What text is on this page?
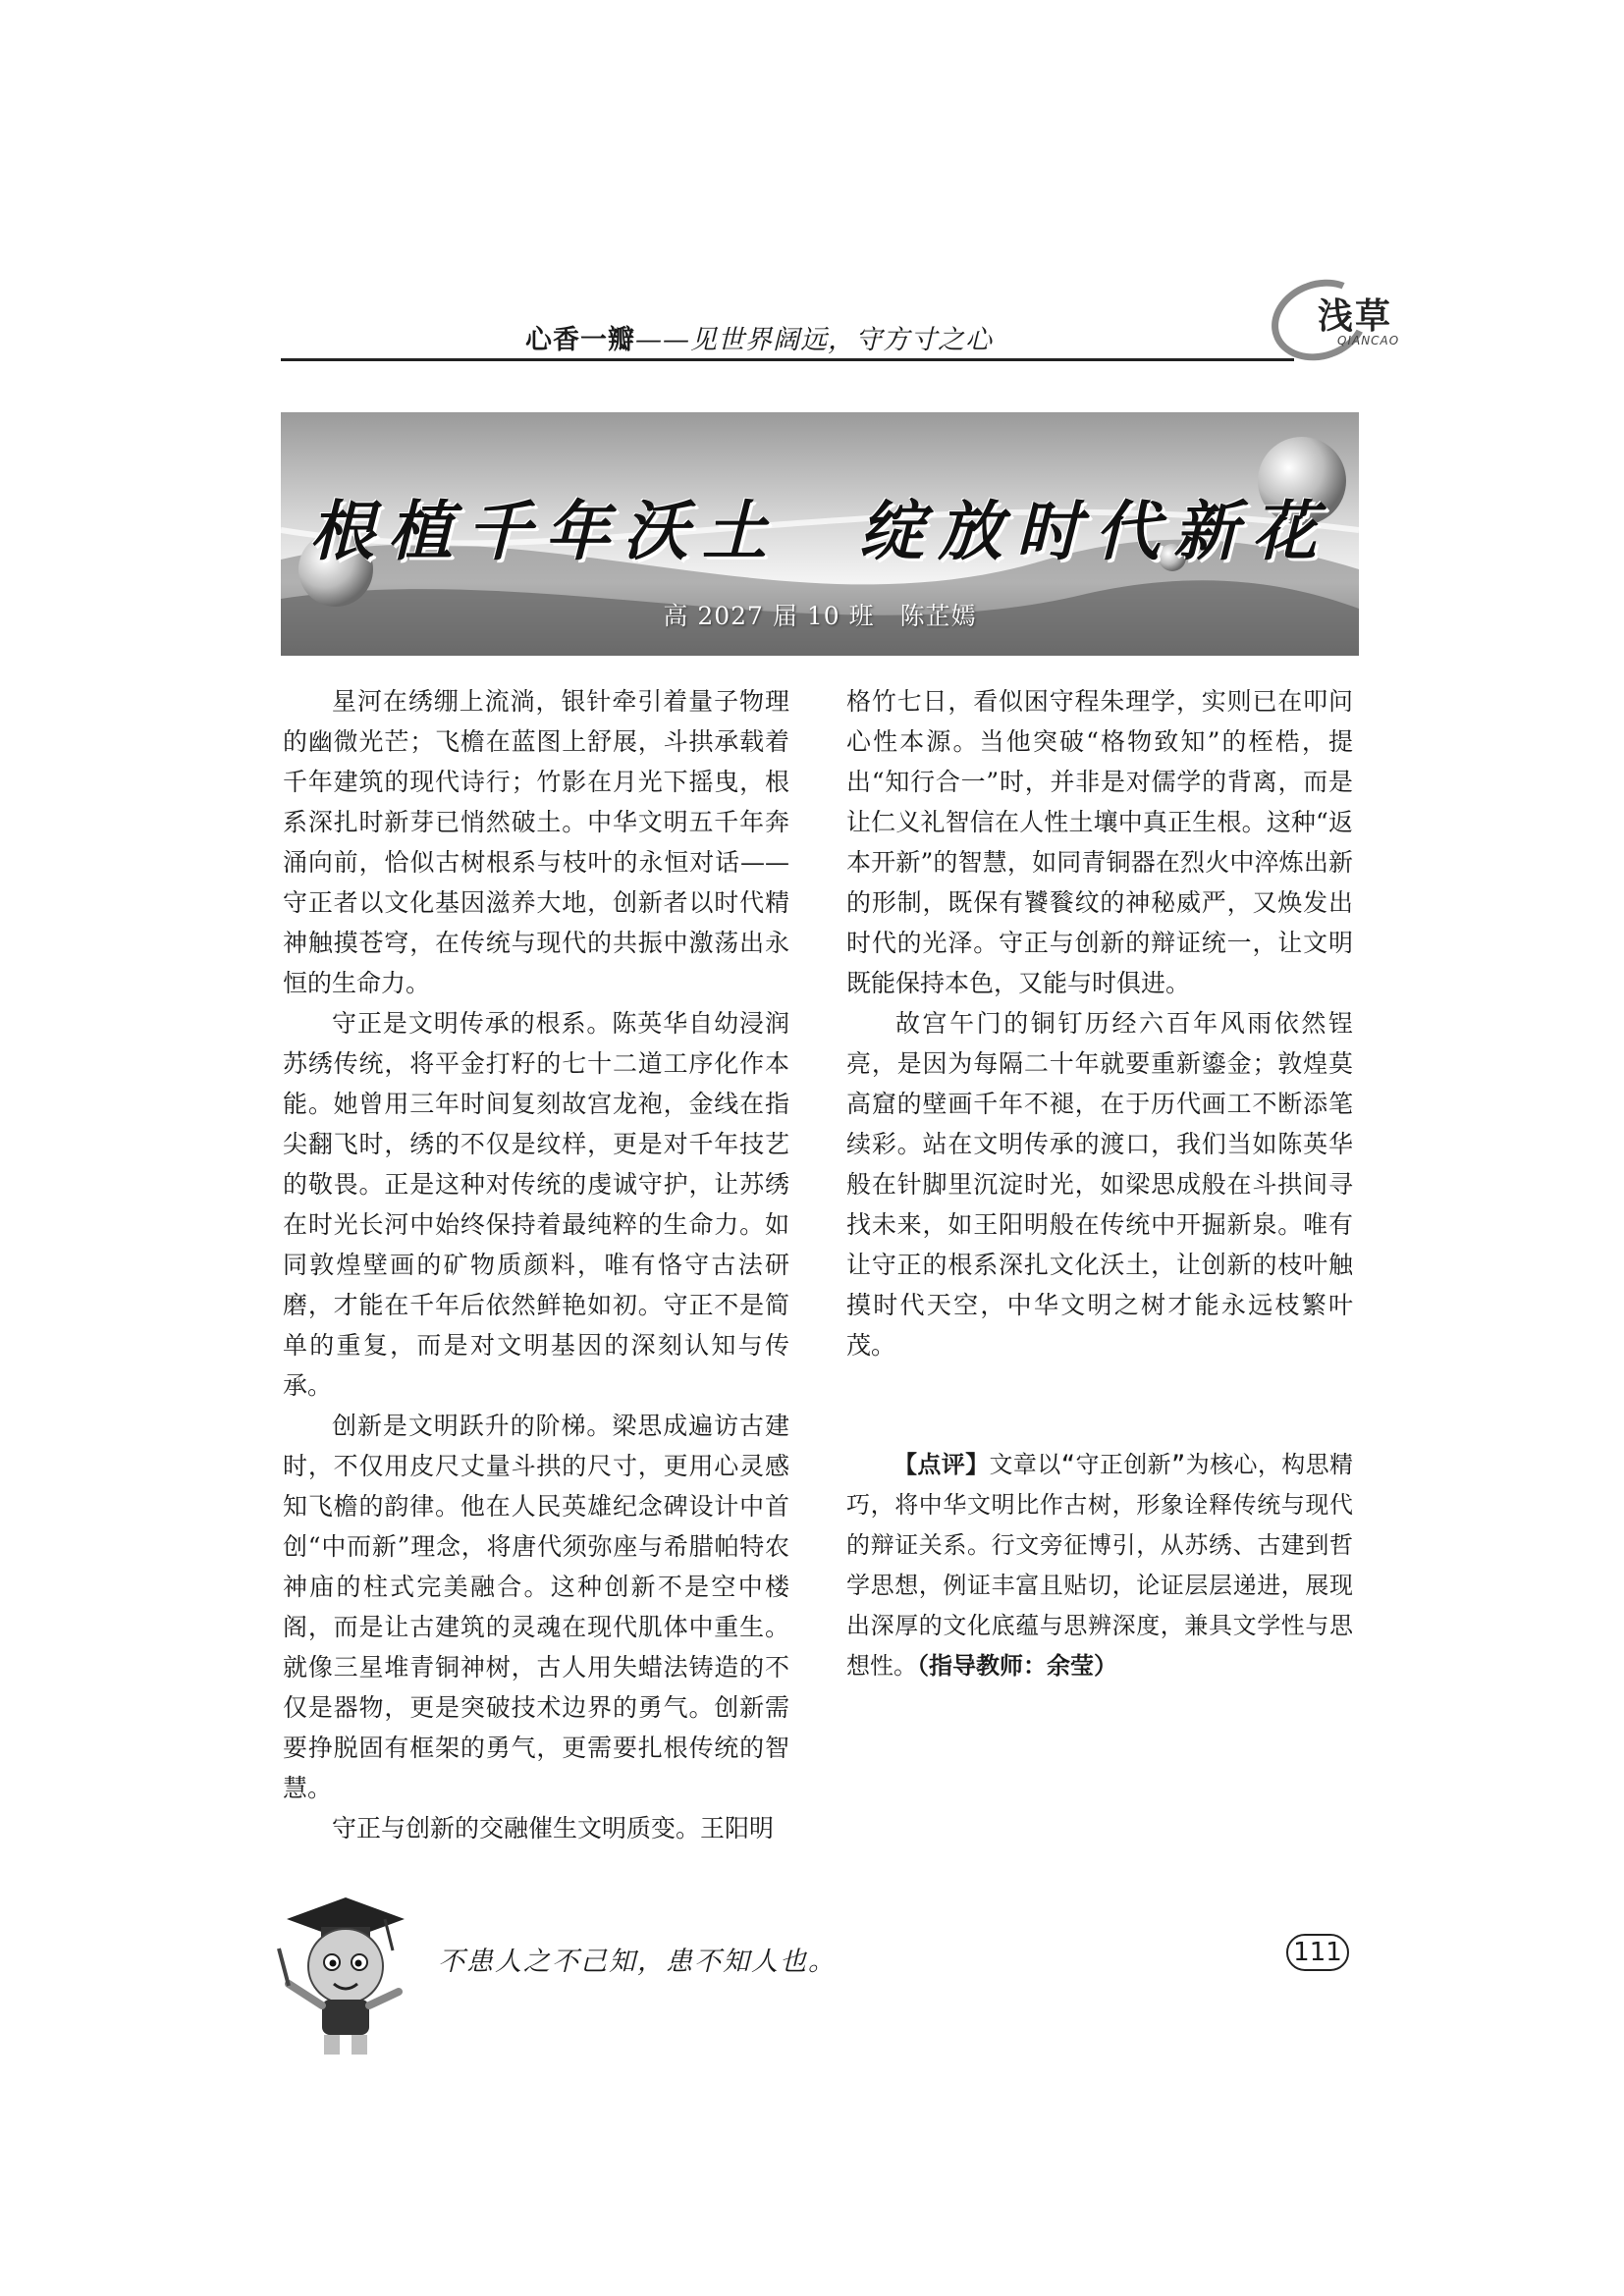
心香一瓣——见世界阔远，守方寸之心
浅草
QIANCAO
根植千年沃土　绽放时代新花
高 2027 届 10 班　陈芷嫣

星河在绣绷上流淌，银针牵引着量子物理的幽微光芒；飞檐在蓝图上舒展，斗拱承载着千年建筑的现代诗行；竹影在月光下摇曳，根系深扎时新芽已悄然破土。中华文明五千年奔涌向前，恰似古树根系与枝叶的永恒对话——守正者以文化基因滋养大地，创新者以时代精神触摸苍穹，在传统与现代的共振中激荡出永恒的生命力。

守正是文明传承的根系。陈英华自幼浸润苏绣传统，将平金打籽的七十二道工序化作本能。她曾用三年时间复刻故宫龙袍，金线在指尖翻飞时，绣的不仅是纹样，更是对千年技艺的敬畏。正是这种对传统的虔诚守护，让苏绣在时光长河中始终保持着最纯粹的生命力。如同敦煌壁画的矿物质颜料，唯有恪守古法研磨，才能在千年后依然鲜艳如初。守正不是简单的重复，而是对文明基因的深刻认知与传承。

创新是文明跃升的阶梯。梁思成遍访古建时，不仅用皮尺丈量斗拱的尺寸，更用心灵感知飞檐的韵律。他在人民英雄纪念碑设计中首创“中而新”理念，将唐代须弥座与希腊帕特农神庙的柱式完美融合。这种创新不是空中楼阁，而是让古建筑的灵魂在现代肌体中重生。就像三星堆青铜神树，古人用失蜡法铸造的不仅是器物，更是突破技术边界的勇气。创新需要挣脱固有框架的勇气，更需要扎根传统的智慧。

守正与创新的交融催生文明质变。王阳明

格竹七日，看似困守程朱理学，实则已在叩问心性本源。当他突破“格物致知”的桎梏，提出“知行合一”时，并非是对儒学的背离，而是让仁义礼智信在人性土壤中真正生根。这种“返本开新”的智慧，如同青铜器在烈火中淬炼出新的形制，既保有饕餮纹的神秘威严，又焕发出时代的光泽。守正与创新的辩证统一，让文明既能保持本色，又能与时俱进。

故宫午门的铜钉历经六百年风雨依然锃亮，是因为每隔二十年就要重新鎏金；敦煌莫高窟的壁画千年不褪，在于历代画工不断添笔续彩。站在文明传承的渡口，我们当如陈英华般在针脚里沉淀时光，如梁思成般在斗拱间寻找未来，如王阳明般在传统中开掘新泉。唯有让守正的根系深扎文化沃土，让创新的枝叶触摸时代天空，中华文明之树才能永远枝繁叶茂。

【点评】文章以“守正创新”为核心，构思精巧，将中华文明比作古树，形象诠释传统与现代的辩证关系。行文旁征博引，从苏绣、古建到哲学思想，例证丰富且贴切，论证层层递进，展现出深厚的文化底蕴与思辨深度，兼具文学性与思想性。（指导教师：余莹）

不患人之不己知，患不知人也。	111
